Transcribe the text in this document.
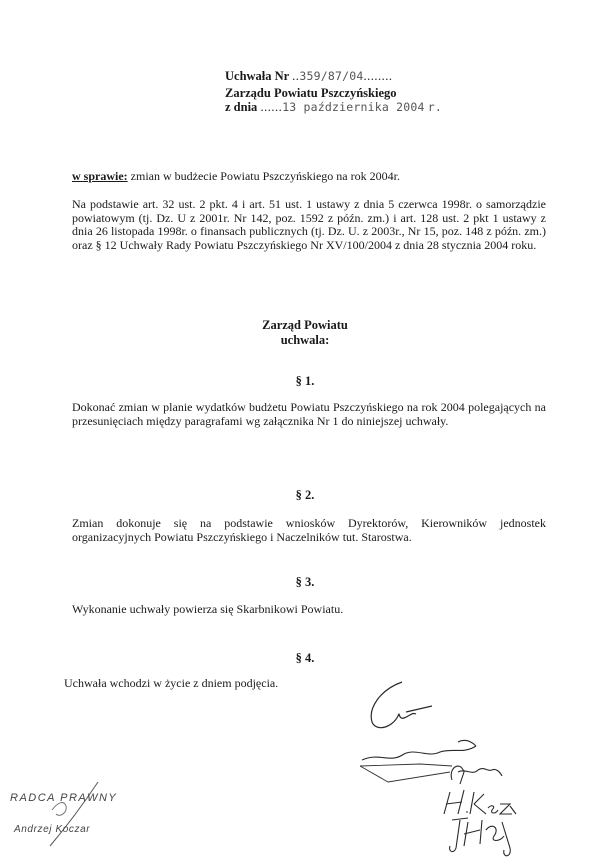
Uchwała Nr ..359/87/04........
Zarządu Powiatu Pszczyńskiego
z dnia ......13 października 2004 r.
w sprawie: zmian w budżecie Powiatu Pszczyńskiego na rok 2004r.
Na podstawie art. 32 ust. 2 pkt. 4 i art. 51 ust. 1 ustawy z dnia 5 czerwca 1998r. o samorządzie powiatowym (tj. Dz. U z 2001r. Nr 142, poz. 1592 z późn. zm.) i art. 128 ust. 2 pkt 1 ustawy z dnia 26 listopada 1998r. o finansach publicznych (tj. Dz. U. z 2003r., Nr 15, poz. 148 z późn. zm.) oraz § 12 Uchwały Rady Powiatu Pszczyńskiego Nr XV/100/2004 z dnia 28 stycznia 2004 roku.
Zarząd Powiatu
uchwala:
§ 1.
Dokonać zmian w planie wydatków budżetu Powiatu Pszczyńskiego na rok 2004 polegających na przesunięciach między paragrafami wg załącznika Nr 1 do niniejszej uchwały.
§ 2.
Zmian dokonuje się na podstawie wniosków Dyrektorów, Kierowników jednostek organizacyjnych Powiatu Pszczyńskiego i Naczelników tut. Starostwa.
§ 3.
Wykonanie uchwały powierza się Skarbnikowi Powiatu.
§ 4.
Uchwała wchodzi w życie z dniem podjęcia.
RADCA PRAWNY
Andrzej Koczar
